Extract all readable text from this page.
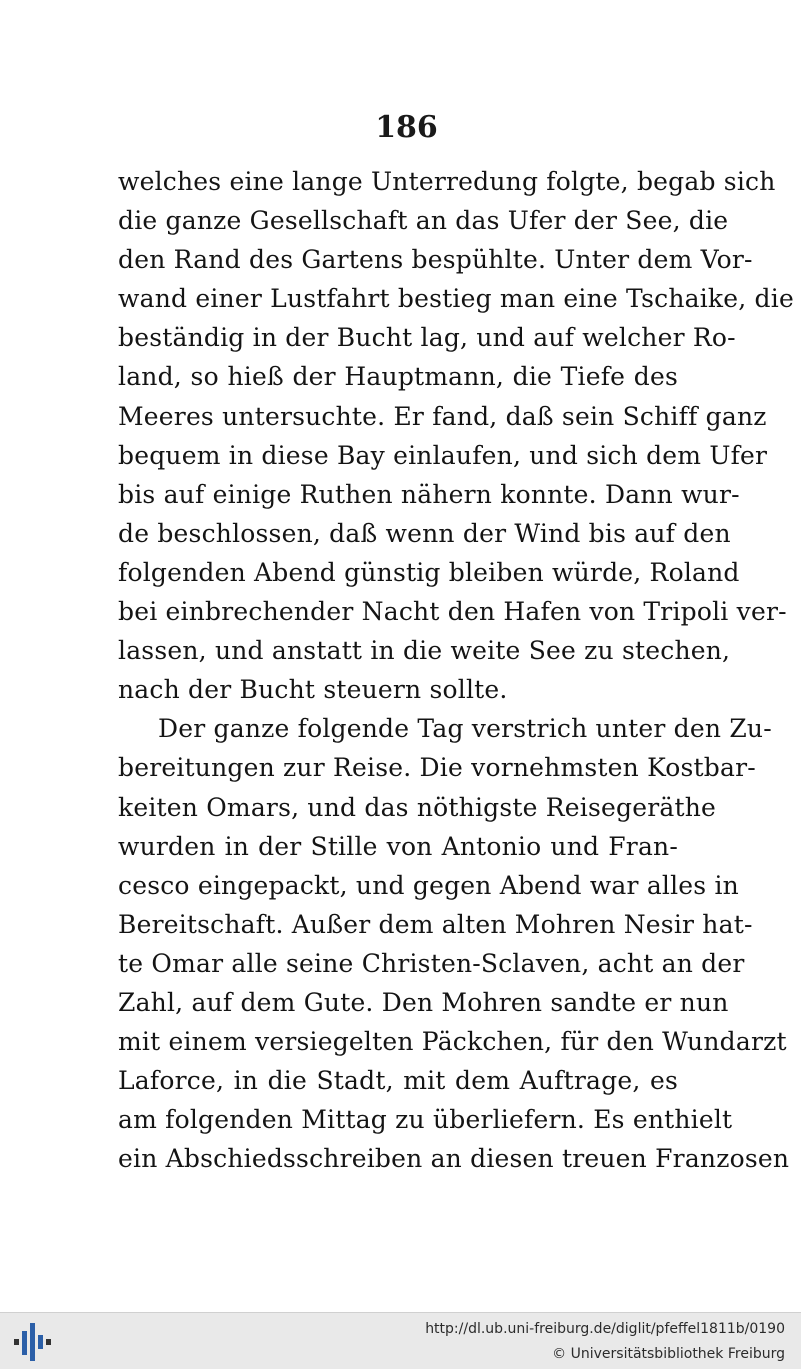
186
welches eine lange Unterredung folgte, begab sich
die ganze Gesellschaft an das Ufer der See, die
den Rand des Gartens bespühlte. Unter dem Vor-
wand einer Lustfahrt bestieg man eine Tschaike, die
beständig in der Bucht lag, und auf welcher Ro-
land, so hieß der Hauptmann, die Tiefe des
Meeres untersuchte. Er fand, daß sein Schiff ganz
bequem in diese Bay einlaufen, und sich dem Ufer
bis auf einige Ruthen nähern konnte. Dann wur-
de beschlossen, daß wenn der Wind bis auf den
folgenden Abend günstig bleiben würde, Roland
bei einbrechender Nacht den Hafen von Tripoli ver-
lassen, und anstatt in die weite See zu stechen,
nach der Bucht steuern sollte.
Der ganze folgende Tag verstrich unter den Zu-
bereitungen zur Reise. Die vornehmsten Kostbar-
keiten Omars, und das nöthigste Reisegeräthe
wurden in der Stille von Antonio und Fran-
cesco eingepackt, und gegen Abend war alles in
Bereitschaft. Außer dem alten Mohren Nesir hat-
te Omar alle seine Christen-Sclaven, acht an der
Zahl, auf dem Gute. Den Mohren sandte er nun
mit einem versiegelten Päckchen, für den Wundarzt
Laforce, in die Stadt, mit dem Auftrage, es
am folgenden Mittag zu überliefern. Es enthielt
ein Abschiedsschreiben an diesen treuen Franzosen
http://dl.ub.uni-freiburg.de/diglit/pfeffel1811b/0190
© Universitätsbibliothek Freiburg
